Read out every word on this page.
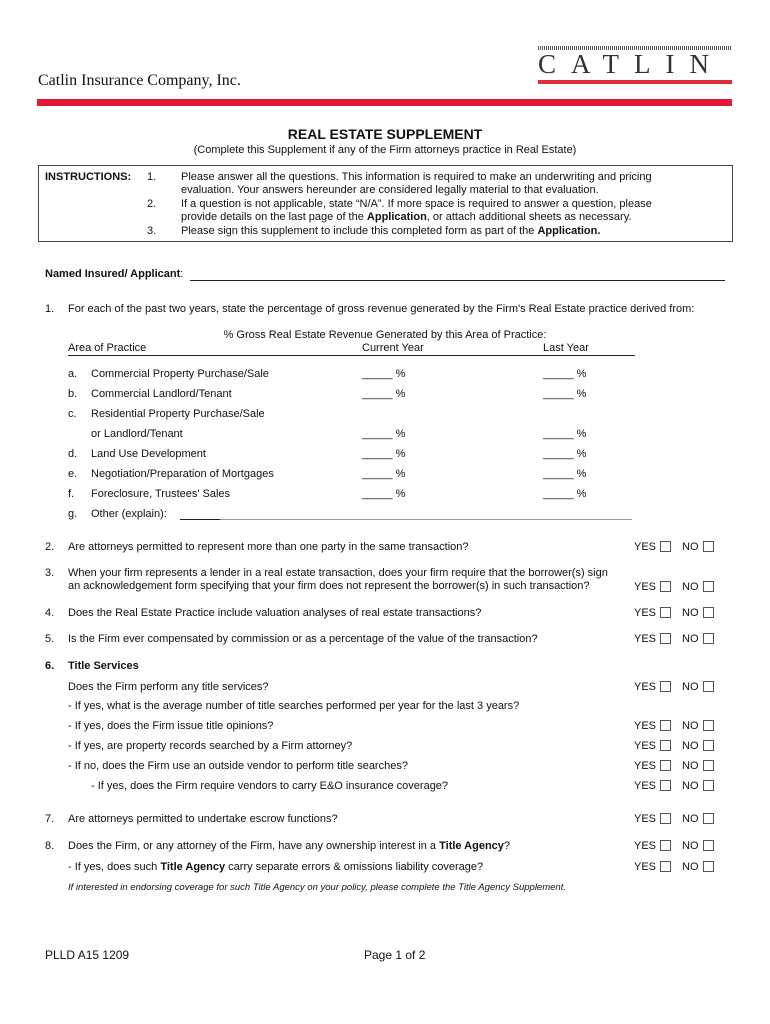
Catlin Insurance Company, Inc.
CATLIN
REAL ESTATE SUPPLEMENT
(Complete this Supplement if any of the Firm attorneys practice in Real Estate)
INSTRUCTIONS: 1. Please answer all the questions. This information is required to make an underwriting and pricing
evaluation. Your answers hereunder are considered legally material to that evaluation.
2. If a question is not applicable, state “N/A”. If more space is required to answer a question, please
provide details on the last page of the Application, or attach additional sheets as necessary.
3. Please sign this supplement to include this completed form as part of the Application.
Named Insured/ Applicant:
1. For each of the past two years, state the percentage of gross revenue generated by the Firm's Real Estate practice derived from:
% Gross Real Estate Revenue Generated by this Area of Practice:
Area of Practice	Current Year	Last Year
a. Commercial Property Purchase/Sale	_____ %	_____ %
b. Commercial Landlord/Tenant	_____ %	_____ %
c. Residential Property Purchase/Sale
or Landlord/Tenant	_____ %	_____ %
d. Land Use Development	_____ %	_____ %
e. Negotiation/Preparation of Mortgages	_____ %	_____ %
f. Foreclosure, Trustees' Sales	_____ %	_____ %
g. Other (explain):
2. Are attorneys permitted to represent more than one party in the same transaction?	YES NO
3. When your firm represents a lender in a real estate transaction, does your firm require that the borrower(s) sign
an acknowledgement form specifying that your firm does not represent the borrower(s) in such transaction?	YES NO
4. Does the Real Estate Practice include valuation analyses of real estate transactions?	YES NO
5. Is the Firm ever compensated by commission or as a percentage of the value of the transaction?	YES NO
6. Title Services
Does the Firm perform any title services?	YES NO
- If yes, what is the average number of title searches performed per year for the last 3 years?
- If yes, does the Firm issue title opinions?	YES NO
- If yes, are property records searched by a Firm attorney?	YES NO
- If no, does the Firm use an outside vendor to perform title searches?	YES NO
- If yes, does the Firm require vendors to carry E&O insurance coverage?	YES NO
7. Are attorneys permitted to undertake escrow functions?	YES NO
8. Does the Firm, or any attorney of the Firm, have any ownership interest in a Title Agency?	YES NO
- If yes, does such Title Agency carry separate errors & omissions liability coverage?	YES NO
If interested in endorsing coverage for such Title Agency on your policy, please complete the Title Agency Supplement.
PLLD A15 1209	Page 1 of 2
